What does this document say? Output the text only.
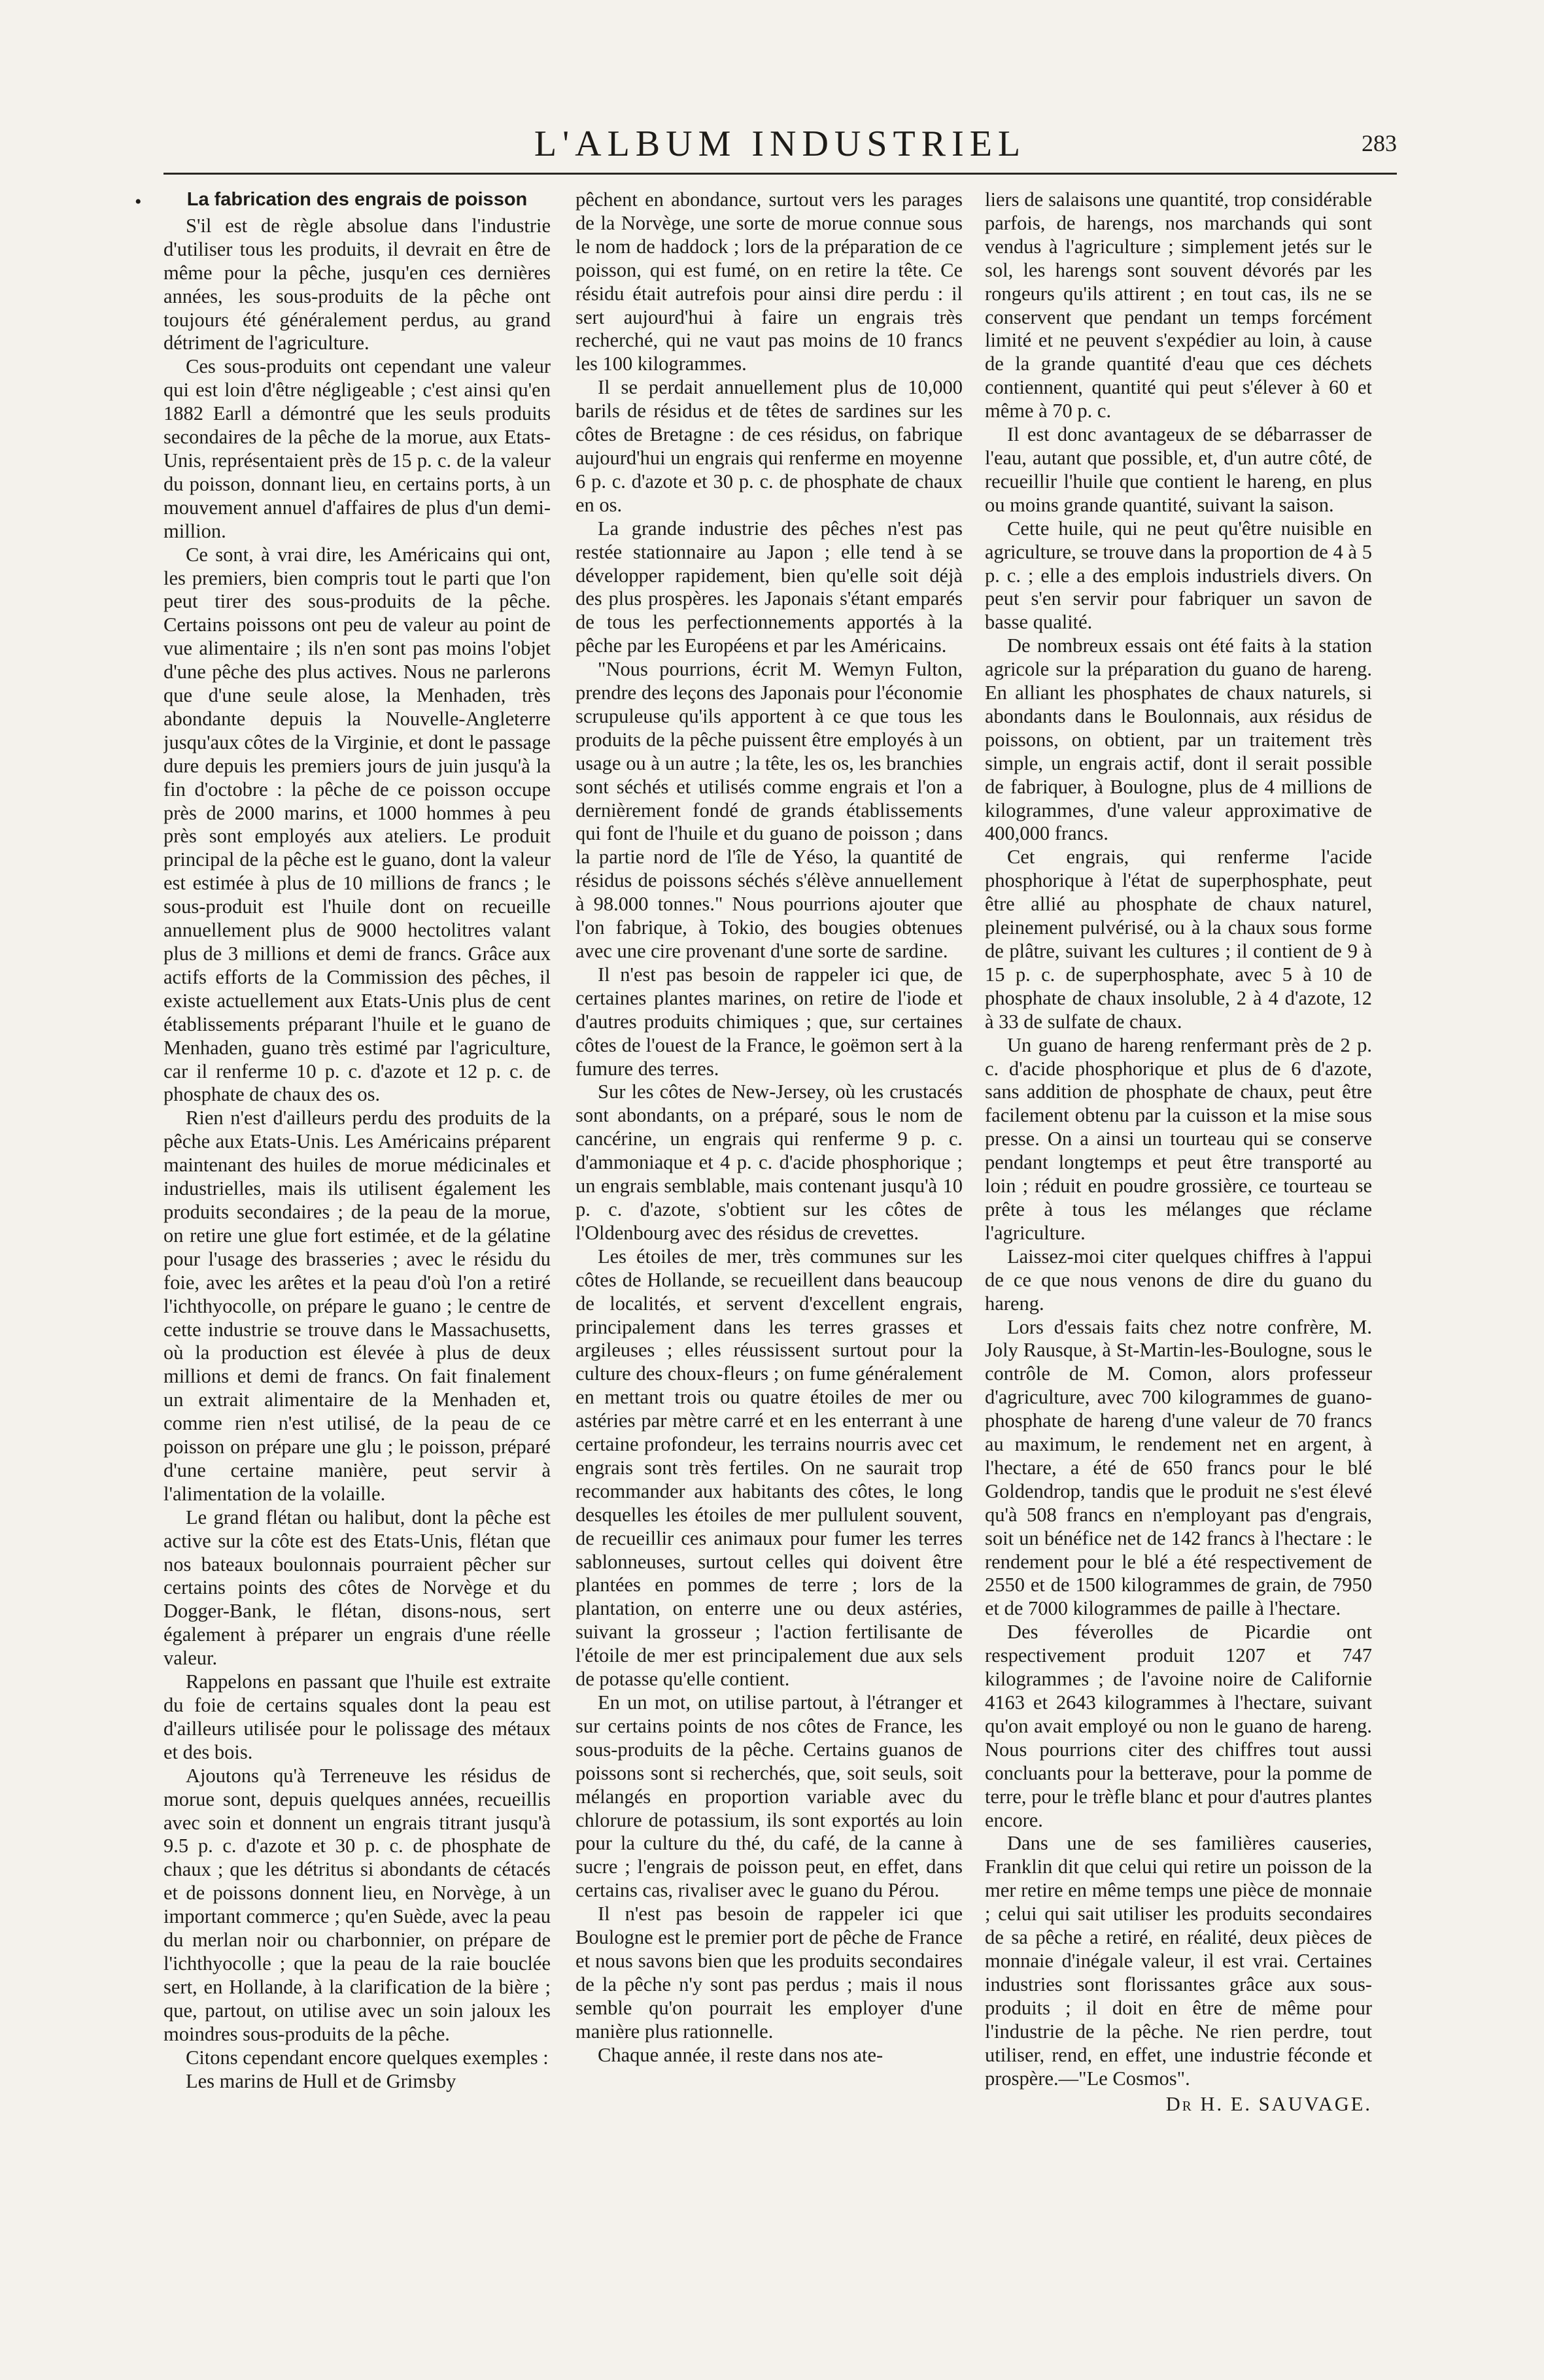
L'ALBUM INDUSTRIEL	283
•	La fabrication des engrais de poisson

S'il est de règle absolue dans l'industrie d'utiliser tous les produits, il devrait en être de même pour la pêche, jusqu'en ces dernières années, les sous-produits de la pêche ont toujours été généralement perdus, au grand détriment de l'agriculture.

Ces sous-produits ont cependant une valeur qui est loin d'être négligeable ; c'est ainsi qu'en 1882 Earll a démontré que les seuls produits secondaires de la pêche de la morue, aux Etats-Unis, représentaient près de 15 p. c. de la valeur du poisson, donnant lieu, en certains ports, à un mouvement annuel d'affaires de plus d'un demi-million.

Ce sont, à vrai dire, les Américains qui ont, les premiers, bien compris tout le parti que l'on peut tirer des sous-produits de la pêche. Certains poissons ont peu de valeur au point de vue alimentaire ; ils n'en sont pas moins l'objet d'une pêche des plus actives. Nous ne parlerons que d'une seule alose, la Menhaden, très abondante depuis la Nouvelle-Angleterre jusqu'aux côtes de la Virginie, et dont le passage dure depuis les premiers jours de juin jusqu'à la fin d'octobre : la pêche de ce poisson occupe près de 2000 marins, et 1000 hommes à peu près sont employés aux ateliers. Le produit principal de la pêche est le guano, dont la valeur est estimée à plus de 10 millions de francs ; le sous-produit est l'huile dont on recueille annuellement plus de 9000 hectolitres valant plus de 3 millions et demi de francs. Grâce aux actifs efforts de la Commission des pêches, il existe actuellement aux Etats-Unis plus de cent établissements préparant l'huile et le guano de Menhaden, guano très estimé par l'agriculture, car il renferme 10 p. c. d'azote et 12 p. c. de phosphate de chaux des os.

Rien n'est d'ailleurs perdu des produits de la pêche aux Etats-Unis. Les Américains préparent maintenant des huiles de morue médicinales et industrielles, mais ils utilisent également les produits secondaires ; de la peau de la morue, on retire une glue fort estimée, et de la gélatine pour l'usage des brasseries ; avec le résidu du foie, avec les arêtes et la peau d'où l'on a retiré l'ichthyocolle, on prépare le guano ; le centre de cette industrie se trouve dans le Massachusetts, où la production est élevée à plus de deux millions et demi de francs. On fait finalement un extrait alimentaire de la Menhaden et, comme rien n'est utilisé, de la peau de ce poisson on prépare une glu ; le poisson, préparé d'une certaine manière, peut servir à l'alimentation de la volaille.

Le grand flétan ou halibut, dont la pêche est active sur la côte est des Etats-Unis, flétan que nos bateaux boulonnais pourraient pêcher sur certains points des côtes de Norvège et du Dogger-Bank, le flétan, disons-nous, sert également à préparer un engrais d'une réelle valeur.

Rappelons en passant que l'huile est extraite du foie de certains squales dont la peau est d'ailleurs utilisée pour le polissage des métaux et des bois.

Ajoutons qu'à Terreneuve les résidus de morue sont, depuis quelques années, recueillis avec soin et donnent un engrais titrant jusqu'à 9.5 p. c. d'azote et 30 p. c. de phosphate de chaux ; que les détritus si abondants de cétacés et de poissons donnent lieu, en Norvège, à un important commerce ; qu'en Suède, avec la peau du merlan noir ou charbonnier, on prépare de l'ichthyocolle ; que la peau de la raie bouclée sert, en Hollande, à la clarification de la bière ; que, partout, on utilise avec un soin jaloux les moindres sous-produits de la pêche.

Citons cependant encore quelques exemples :

Les marins de Hull et de Grimsby

pêchent en abondance, surtout vers les parages de la Norvège, une sorte de morue connue sous le nom de haddock ; lors de la préparation de ce poisson, qui est fumé, on en retire la tête. Ce résidu était autrefois pour ainsi dire perdu : il sert aujourd'hui à faire un engrais très recherché, qui ne vaut pas moins de 10 francs les 100 kilogrammes.

Il se perdait annuellement plus de 10,000 barils de résidus et de têtes de sardines sur les côtes de Bretagne : de ces résidus, on fabrique aujourd'hui un engrais qui renferme en moyenne 6 p. c. d'azote et 30 p. c. de phosphate de chaux en os.

La grande industrie des pêches n'est pas restée stationnaire au Japon ; elle tend à se développer rapidement, bien qu'elle soit déjà des plus prospères. les Japonais s'étant emparés de tous les perfectionnements apportés à la pêche par les Européens et par les Américains.

"Nous pourrions, écrit M. Wemyn Fulton, prendre des leçons des Japonais pour l'économie scrupuleuse qu'ils apportent à ce que tous les produits de la pêche puissent être employés à un usage ou à un autre ; la tête, les os, les branchies sont séchés et utilisés comme engrais et l'on a dernièrement fondé de grands établissements qui font de l'huile et du guano de poisson ; dans la partie nord de l'île de Yéso, la quantité de résidus de poissons séchés s'élève annuellement à 98.000 tonnes." Nous pourrions ajouter que l'on fabrique, à Tokio, des bougies obtenues avec une cire provenant d'une sorte de sardine.

Il n'est pas besoin de rappeler ici que, de certaines plantes marines, on retire de l'iode et d'autres produits chimiques ; que, sur certaines côtes de l'ouest de la France, le goëmon sert à la fumure des terres.

Sur les côtes de New-Jersey, où les crustacés sont abondants, on a préparé, sous le nom de cancérine, un engrais qui renferme 9 p. c. d'ammoniaque et 4 p. c. d'acide phosphorique ; un engrais semblable, mais contenant jusqu'à 10 p. c. d'azote, s'obtient sur les côtes de l'Oldenbourg avec des résidus de crevettes.

Les étoiles de mer, très communes sur les côtes de Hollande, se recueillent dans beaucoup de localités, et servent d'excellent engrais, principalement dans les terres grasses et argileuses ; elles réussissent surtout pour la culture des choux-fleurs ; on fume généralement en mettant trois ou quatre étoiles de mer ou astéries par mètre carré et en les enterrant à une certaine profondeur, les terrains nourris avec cet engrais sont très fertiles. On ne saurait trop recommander aux habitants des côtes, le long desquelles les étoiles de mer pullulent souvent, de recueillir ces animaux pour fumer les terres sablonneuses, surtout celles qui doivent être plantées en pommes de terre ; lors de la plantation, on enterre une ou deux astéries, suivant la grosseur ; l'action fertilisante de l'étoile de mer est principalement due aux sels de potasse qu'elle contient.

En un mot, on utilise partout, à l'étranger et sur certains points de nos côtes de France, les sous-produits de la pêche. Certains guanos de poissons sont si recherchés, que, soit seuls, soit mélangés en proportion variable avec du chlorure de potassium, ils sont exportés au loin pour la culture du thé, du café, de la canne à sucre ; l'engrais de poisson peut, en effet, dans certains cas, rivaliser avec le guano du Pérou.

Il n'est pas besoin de rappeler ici que Boulogne est le premier port de pêche de France et nous savons bien que les produits secondaires de la pêche n'y sont pas perdus ; mais il nous semble qu'on pourrait les employer d'une manière plus rationnelle.

Chaque année, il reste dans nos ate-

liers de salaisons une quantité, trop considérable parfois, de harengs, nos marchands qui sont vendus à l'agriculture ; simplement jetés sur le sol, les harengs sont souvent dévorés par les rongeurs qu'ils attirent ; en tout cas, ils ne se conservent que pendant un temps forcément limité et ne peuvent s'expédier au loin, à cause de la grande quantité d'eau que ces déchets contiennent, quantité qui peut s'élever à 60 et même à 70 p. c.

Il est donc avantageux de se débarrasser de l'eau, autant que possible, et, d'un autre côté, de recueillir l'huile que contient le hareng, en plus ou moins grande quantité, suivant la saison.

Cette huile, qui ne peut qu'être nuisible en agriculture, se trouve dans la proportion de 4 à 5 p. c. ; elle a des emplois industriels divers. On peut s'en servir pour fabriquer un savon de basse qualité.

De nombreux essais ont été faits à la station agricole sur la préparation du guano de hareng. En alliant les phosphates de chaux naturels, si abondants dans le Boulonnais, aux résidus de poissons, on obtient, par un traitement très simple, un engrais actif, dont il serait possible de fabriquer, à Boulogne, plus de 4 millions de kilogrammes, d'une valeur approximative de 400,000 francs.

Cet engrais, qui renferme l'acide phosphorique à l'état de superphosphate, peut être allié au phosphate de chaux naturel, pleinement pulvérisé, ou à la chaux sous forme de plâtre, suivant les cultures ; il contient de 9 à 15 p. c. de superphosphate, avec 5 à 10 de phosphate de chaux insoluble, 2 à 4 d'azote, 12 à 33 de sulfate de chaux.

Un guano de hareng renfermant près de 2 p. c. d'acide phosphorique et plus de 6 d'azote, sans addition de phosphate de chaux, peut être facilement obtenu par la cuisson et la mise sous presse. On a ainsi un tourteau qui se conserve pendant longtemps et peut être transporté au loin ; réduit en poudre grossière, ce tourteau se prête à tous les mélanges que réclame l'agriculture.

Laissez-moi citer quelques chiffres à l'appui de ce que nous venons de dire du guano du hareng.

Lors d'essais faits chez notre confrère, M. Joly Rausque, à St-Martin-les-Boulogne, sous le contrôle de M. Comon, alors professeur d'agriculture, avec 700 kilogrammes de guano-phosphate de hareng d'une valeur de 70 francs au maximum, le rendement net en argent, à l'hectare, a été de 650 francs pour le blé Goldendrop, tandis que le produit ne s'est élevé qu'à 508 francs en n'employant pas d'engrais, soit un bénéfice net de 142 francs à l'hectare : le rendement pour le blé a été respectivement de 2550 et de 1500 kilogrammes de grain, de 7950 et de 7000 kilogrammes de paille à l'hectare.

Des féverolles de Picardie ont respectivement produit 1207 et 747 kilogrammes ; de l'avoine noire de Californie 4163 et 2643 kilogrammes à l'hectare, suivant qu'on avait employé ou non le guano de hareng. Nous pourrions citer des chiffres tout aussi concluants pour la betterave, pour la pomme de terre, pour le trèfle blanc et pour d'autres plantes encore.

Dans une de ses familières causeries, Franklin dit que celui qui retire un poisson de la mer retire en même temps une pièce de monnaie ; celui qui sait utiliser les produits secondaires de sa pêche a retiré, en réalité, deux pièces de monnaie d'inégale valeur, il est vrai. Certaines industries sont florissantes grâce aux sous-produits ; il doit en être de même pour l'industrie de la pêche. Ne rien perdre, tout utiliser, rend, en effet, une industrie féconde et prospère.—"Le Cosmos".

Dr H. E. SAUVAGE.
